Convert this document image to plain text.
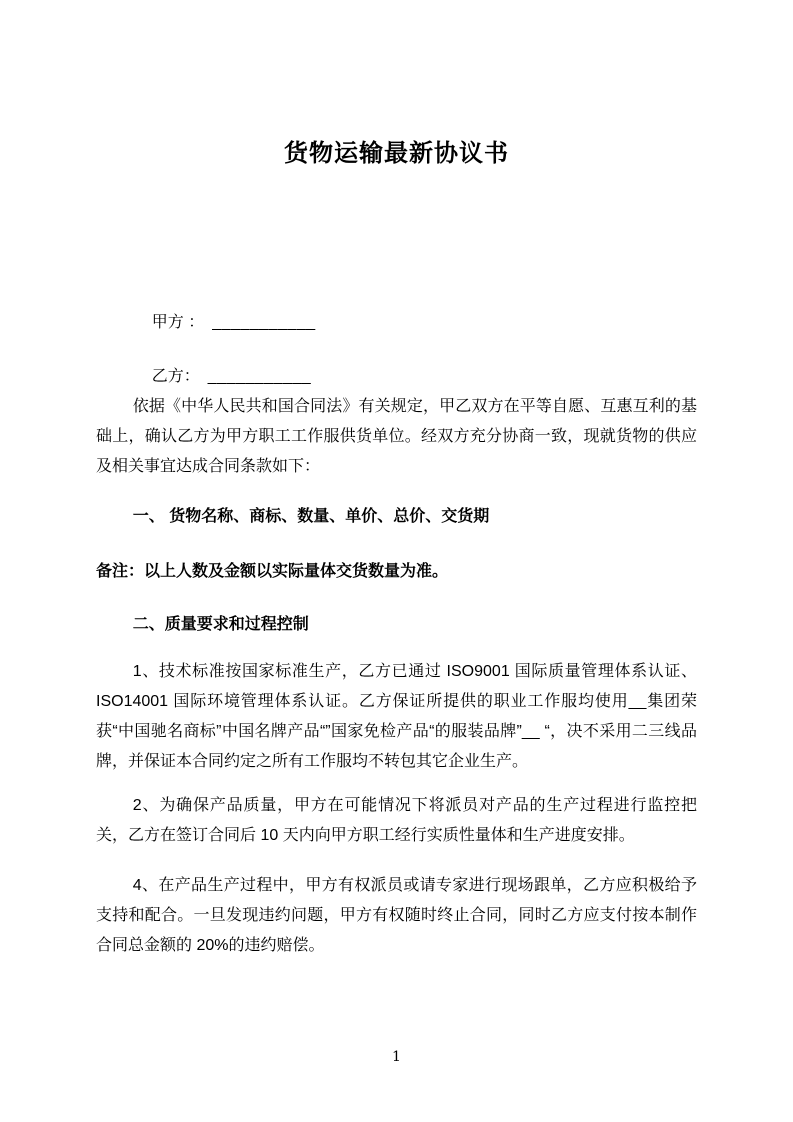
货物运输最新协议书

甲方 ： ___________

乙方： ___________

依据《中华人民共和国合同法》有关规定，甲乙双方在平等自愿、互惠互利的基础上，确认乙方为甲方职工工作服供货单位。经双方充分协商一致，现就货物的供应及相关事宜达成合同条款如下：

一、 货物名称、商标、数量、单价、总价、交货期

备注：以上人数及金额以实际量体交货数量为准。

二、质量要求和过程控制

1、技术标准按国家标准生产，乙方已通过 ISO9001 国际质量管理体系认证、ISO14001 国际环境管理体系认证。乙方保证所提供的职业工作服均使用__集团荣获“中国驰名商标”中国名牌产品“”国家免检产品“的服装品牌”__ “，决不采用二三线品牌，并保证本合同约定之所有工作服均不转包其它企业生产。

2、为确保产品质量，甲方在可能情况下将派员对产品的生产过程进行监控把关，乙方在签订合同后 10 天内向甲方职工经行实质性量体和生产进度安排。

4、在产品生产过程中，甲方有权派员或请专家进行现场跟单，乙方应积极给予支持和配合。一旦发现违约问题，甲方有权随时终止合同，同时乙方应支付按本制作合同总金额的 20%的违约赔偿。

1
